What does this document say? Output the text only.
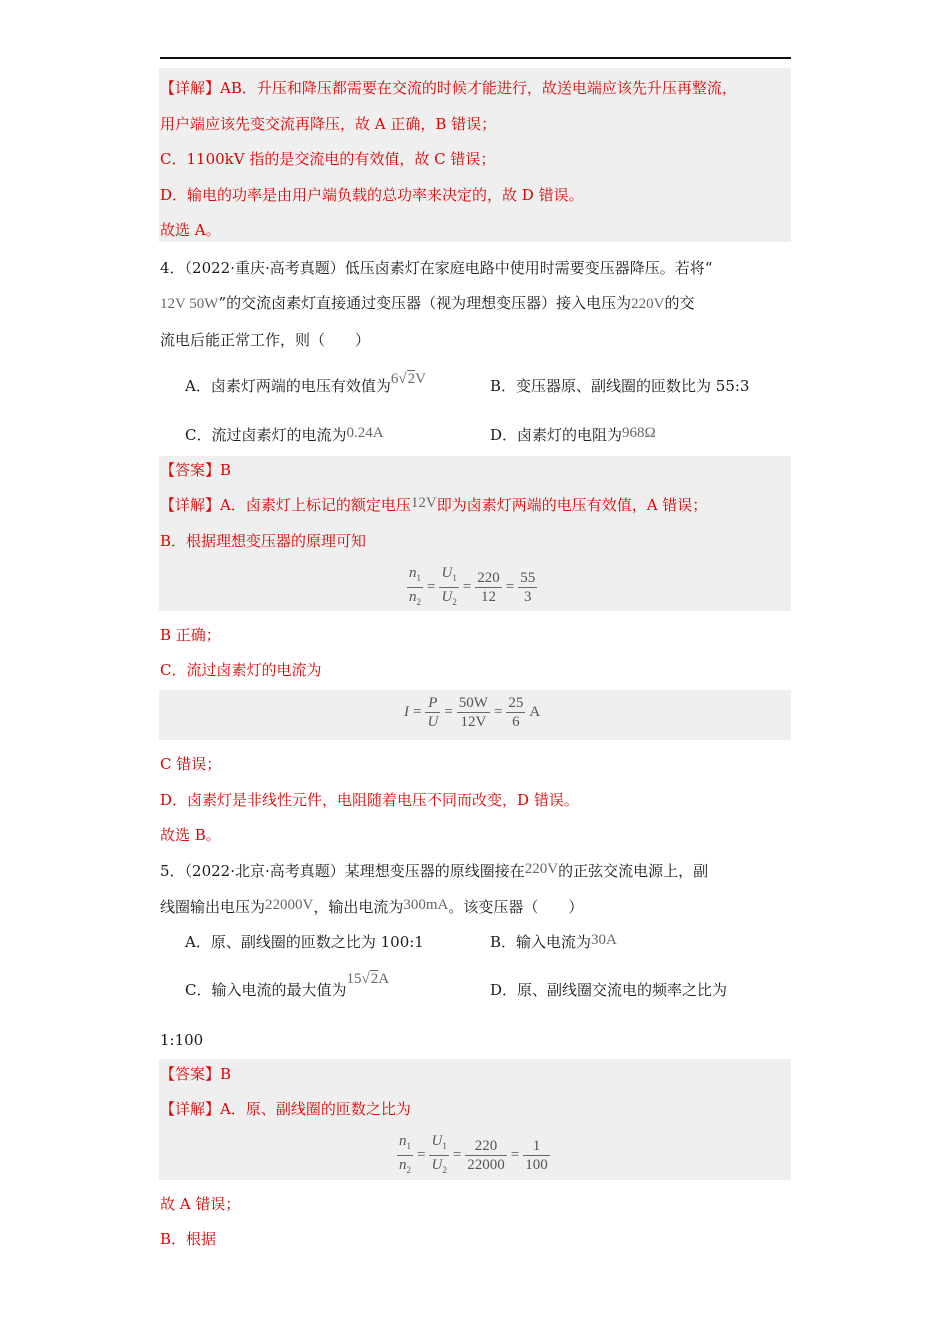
【详解】AB．升压和降压都需要在交流的时候才能进行，故送电端应该先升压再整流，
用户端应该先变交流再降压，故 A 正确，B 错误；
C．1100kV 指的是交流电的有效值，故 C 错误；
D．输电的功率是由用户端负载的总功率来决定的，故 D 错误。
故选 A。
4．（2022·重庆·高考真题）低压卤素灯在家庭电路中使用时需要变压器降压。若将“
12V 50W”的交流卤素灯直接通过变压器（视为理想变压器）接入电压为220V的交
流电后能正常工作，则（　　）
A．卤素灯两端的电压有效值为6√2V	B．变压器原、副线圈的匝数比为 55:3
C．流过卤素灯的电流为0.24A	D．卤素灯的电阻为968Ω
【答案】B
【详解】A．卤素灯上标记的额定电压12V即为卤素灯两端的电压有效值，A 错误；
B．根据理想变压器的原理可知
$\frac{n_1}{n_2} = \frac{U_1}{U_2} = \frac{220}{12} = \frac{55}{3}$
B 正确；
C．流过卤素灯的电流为
$I = \frac{P}{U} = \frac{50W}{12V} = \frac{25}{6}$ A
C 错误；
D．卤素灯是非线性元件，电阻随着电压不同而改变，D 错误。
故选 B。
5．（2022·北京·高考真题）某理想变压器的原线圈接在220V的正弦交流电源上，副
线圈输出电压为22000V，输出电流为300mA。该变压器（　　）
A．原、副线圈的匝数之比为 100:1	B．输入电流为30A
C．输入电流的最大值为15√2A
D．原、副线圈交流电的频率之比为
1:100
【答案】B
【详解】A．原、副线圈的匝数之比为
$\frac{n_1}{n_2} = \frac{U_1}{U_2} = \frac{220}{22000} = \frac{1}{100}$
故 A 错误；
B．根据
